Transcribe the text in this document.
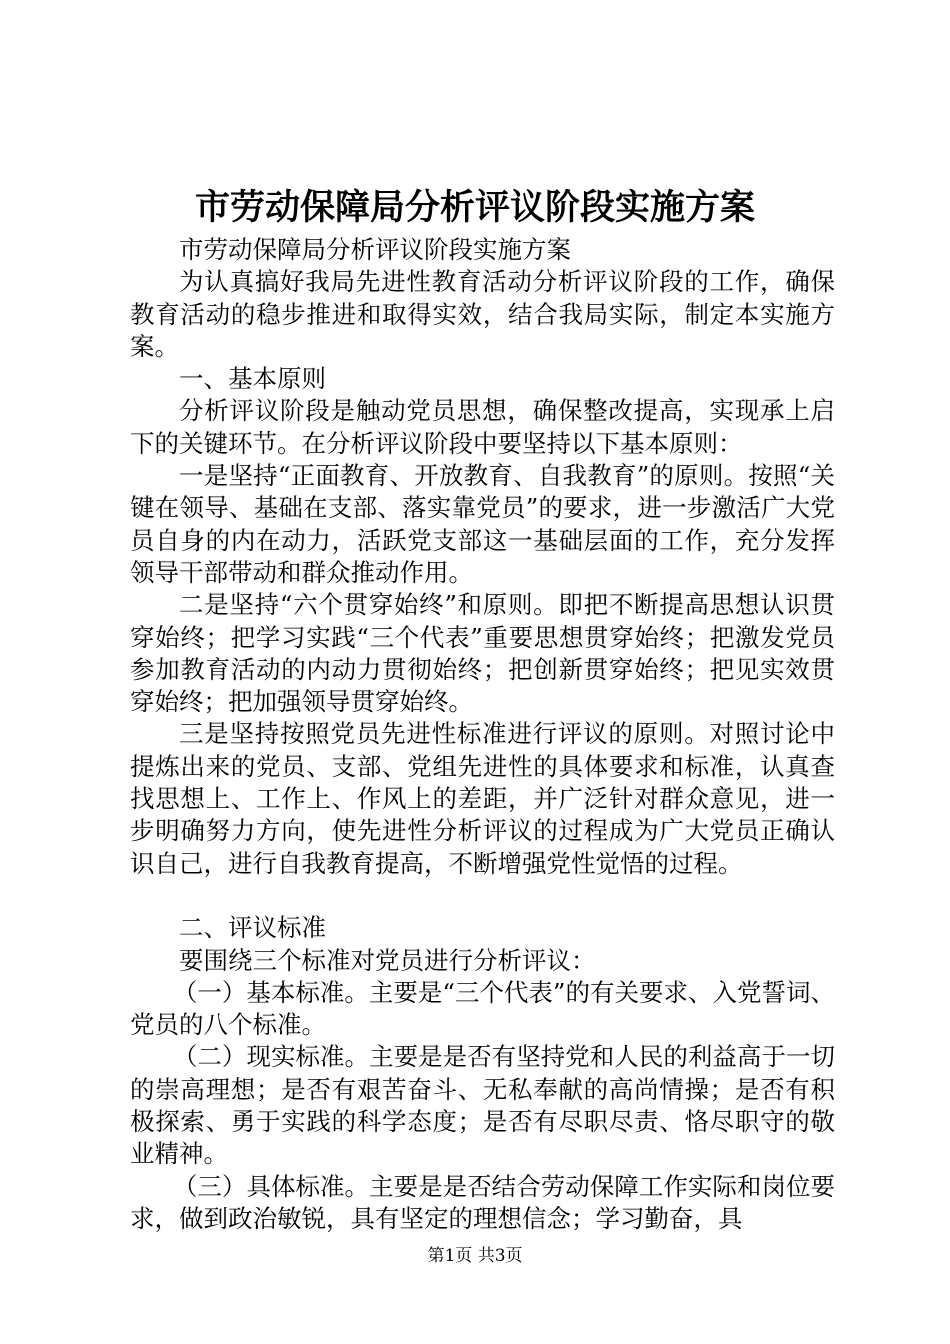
市劳动保障局分析评议阶段实施方案

市劳动保障局分析评议阶段实施方案

为认真搞好我局先进性教育活动分析评议阶段的工作，确保教育活动的稳步推进和取得实效，结合我局实际，制定本实施方案。

一、基本原则

分析评议阶段是触动党员思想，确保整改提高，实现承上启下的关键环节。在分析评议阶段中要坚持以下基本原则：

一是坚持“正面教育、开放教育、自我教育”的原则。按照“关键在领导、基础在支部、落实靠党员”的要求，进一步激活广大党员自身的内在动力，活跃党支部这一基础层面的工作，充分发挥领导干部带动和群众推动作用。

二是坚持“六个贯穿始终”和原则。即把不断提高思想认识贯穿始终；把学习实践“三个代表”重要思想贯穿始终；把激发党员参加教育活动的内动力贯彻始终；把创新贯穿始终；把见实效贯穿始终；把加强领导贯穿始终。

三是坚持按照党员先进性标准进行评议的原则。对照讨论中提炼出来的党员、支部、党组先进性的具体要求和标准，认真查找思想上、工作上、作风上的差距，并广泛针对群众意见，进一步明确努力方向，使先进性分析评议的过程成为广大党员正确认识自己，进行自我教育提高，不断增强党性觉悟的过程。

二、评议标准

要围绕三个标准对党员进行分析评议：

（一）基本标准。主要是“三个代表”的有关要求、入党誓词、党员的八个标准。

（二）现实标准。主要是是否有坚持党和人民的利益高于一切的崇高理想；是否有艰苦奋斗、无私奉献的高尚情操；是否有积极探索、勇于实践的科学态度；是否有尽职尽责、恪尽职守的敬业精神。

（三）具体标准。主要是是否结合劳动保障工作实际和岗位要求，做到政治敏锐，具有坚定的理想信念；学习勤奋，具

第1页 共3页
